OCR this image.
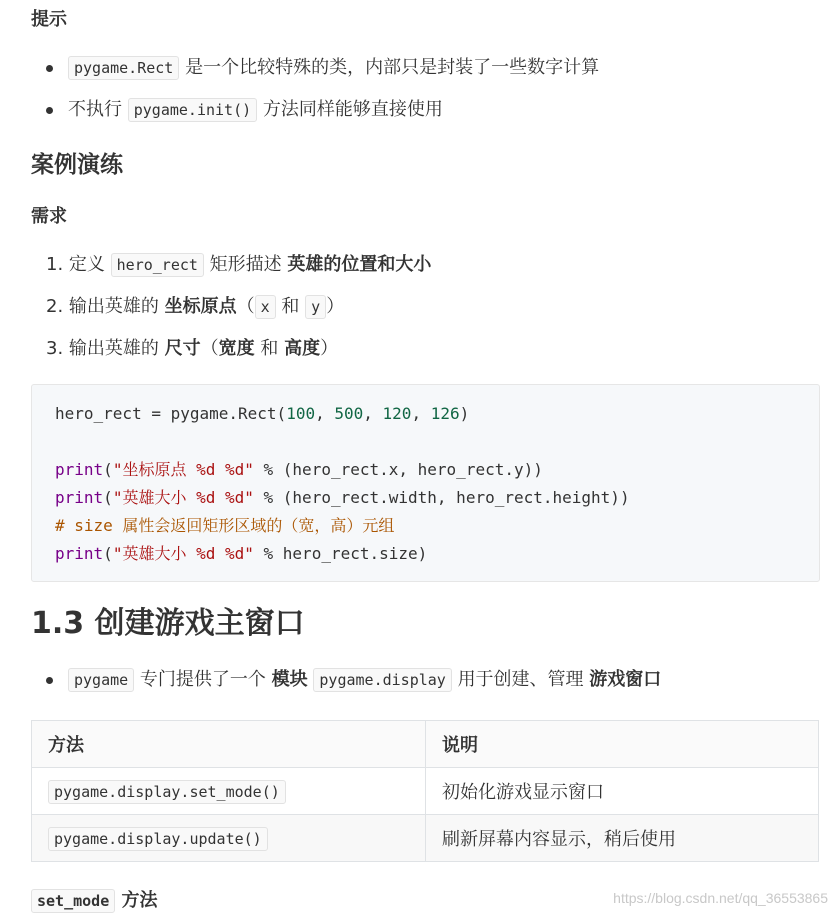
提示
pygame.Rect 是一个比较特殊的类，内部只是封装了一些数字计算
不执行 pygame.init() 方法同样能够直接使用
案例演练
需求
1. 定义 hero_rect 矩形描述 英雄的位置和大小
2. 输出英雄的 坐标原点（ x 和 y ）
3. 输出英雄的 尺寸（宽度 和 高度）
hero_rect = pygame.Rect(100, 500, 120, 126)
print("坐标原点 %d %d" % (hero_rect.x, hero_rect.y))
print("英雄大小 %d %d" % (hero_rect.width, hero_rect.height))
# size 属性会返回矩形区域的（宽，高）元组
print("英雄大小 %d %d" % hero_rect.size)
1.3 创建游戏主窗口
pygame 专门提供了一个 模块 pygame.display 用于创建、管理 游戏窗口
方法	说明
pygame.display.set_mode()	初始化游戏显示窗口
pygame.display.update()	刷新屏幕内容显示，稍后使用
set_mode 方法	https://blog.csdn.net/qq_36553865
